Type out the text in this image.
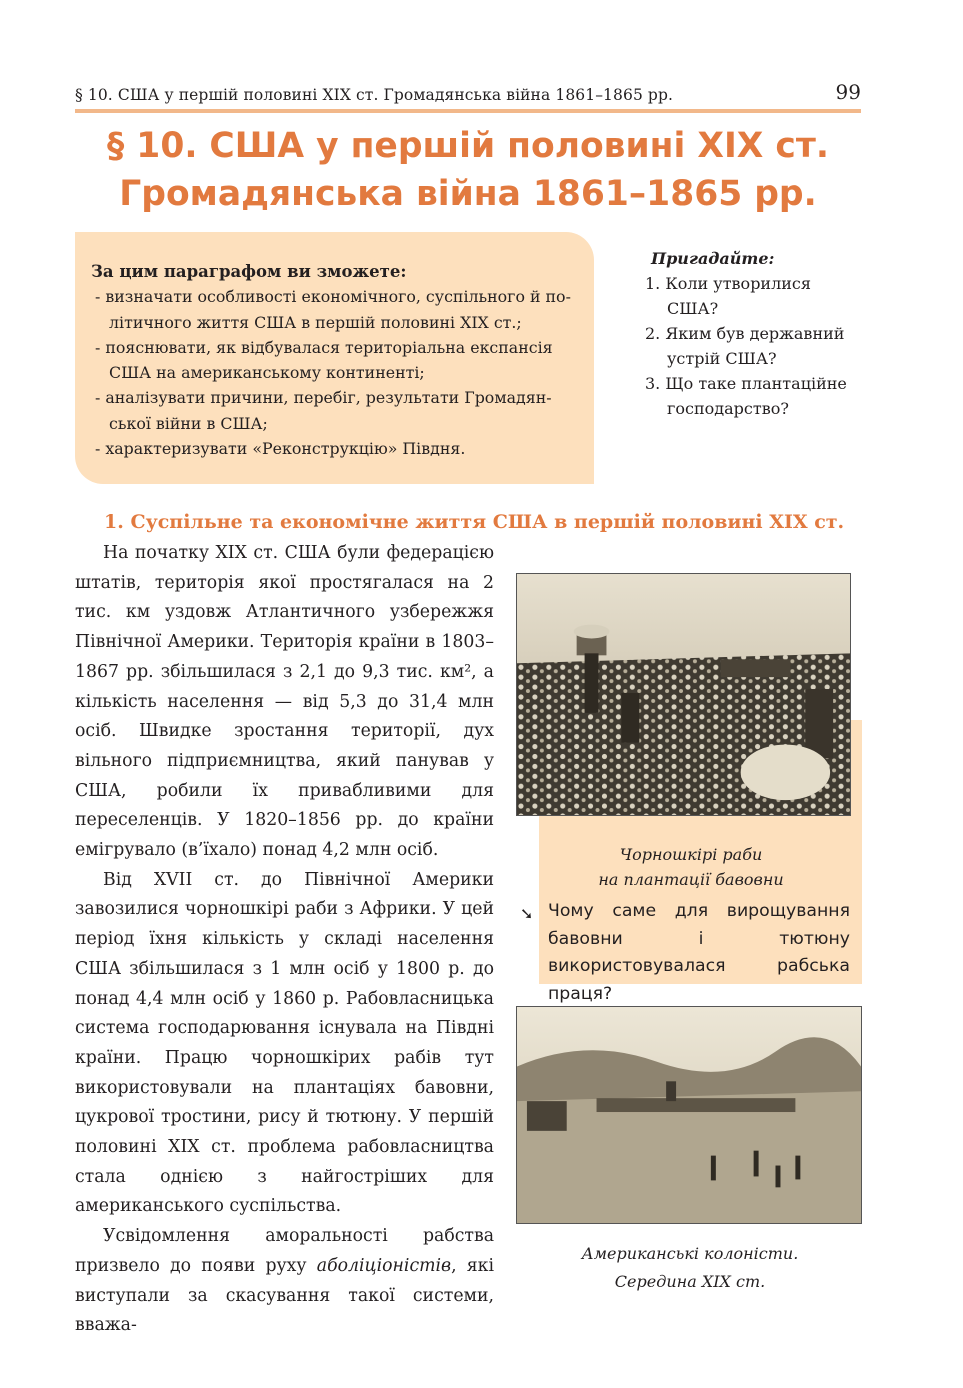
§ 10. США у першій половині ХІХ ст. Громадянська війна 1861–1865 рр.	99
§ 10. США у першій половині ХІХ ст.
Громадянська війна 1861–1865 рр.
За цим параграфом ви зможете:
- визначати особливості економічного, суспільного й по-
літичного життя США в першій половині ХІХ ст.;
- пояснювати, як відбувалася територіальна експансія
США на американському континенті;
- аналізувати причини, перебіг, результати Громадян-
ської війни в США;
- характеризувати «Реконструкцію» Півдня.
Пригадайте:
1. Коли утворилися США?
2. Яким був державний устрій США?
3. Що таке плантаційне господарство?
1. Суспільне та економічне життя США в першій половині ХІХ ст.

На початку ХІХ ст. США були федерацією штатів, територія якої простягалася на 2 тис. км уздовж Атлантичного узбережжя Північної Америки. Територія країни в 1803–1867 рр. збільшилася з 2,1 до 9,3 тис. км², а кількість населення — від 5,3 до 31,4 млн осіб. Швидке зростання території, дух вільного підприємництва, який панував у США, робили їх привабливими для переселенців. У 1820–1856 рр. до країни емігрувало (в’їхало) понад 4,2 млн осіб.

Від XVII ст. до Північної Америки завозилися чорношкірі раби з Африки. У цей період їхня кількість у складі населення США збільшилася з 1 млн осіб у 1800 р. до понад 4,4 млн осіб у 1860 р. Рабовласницька система господарювання існувала на Півдні країни. Працю чорношкірих рабів тут використовували на плантаціях бавовни, цукрової тростини, рису й тютюну. У першій половині ХІХ ст. проблема рабовласництва стала однією з найгостріших для американського суспільства.

Усвідомлення аморальності рабства призвело до появи руху аболіціоністів, які виступали за скасування такої системи, вважа-

Чорношкірі раби
на плантації бавовни
➘ Чому саме для вирощування бавовни і тютюну використовувалася рабська праця?
Американські колоністи.
Середина ХІХ ст.
